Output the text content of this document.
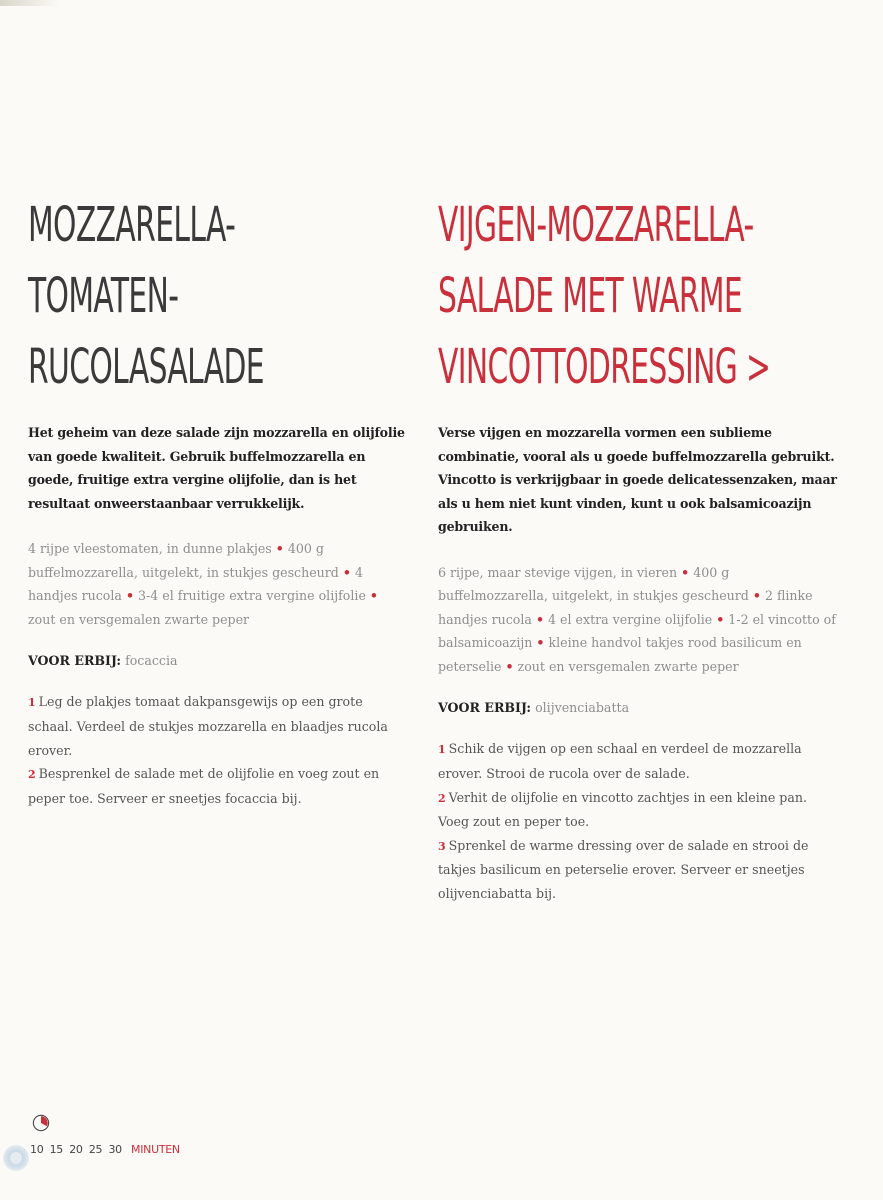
MOZZARELLA-
TOMATEN-
RUCOLASALADE

Het geheim van deze salade zijn mozzarella en olijfolie van goede kwaliteit. Gebruik buffelmozzarella en goede, fruitige extra vergine olijfolie, dan is het resultaat onweerstaanbaar verrukkelijk.

4 rijpe vleestomaten, in dunne plakjes • 400 g buffelmozzarella, uitgelekt, in stukjes gescheurd • 4 handjes rucola • 3-4 el fruitige extra vergine olijfolie • zout en versgemalen zwarte peper

VOOR ERBIJ: focaccia

1 Leg de plakjes tomaat dakpansgewijs op een grote schaal. Verdeel de stukjes mozzarella en blaadjes rucola erover.
2 Besprenkel de salade met de olijfolie en voeg zout en peper toe. Serveer er sneetjes focaccia bij.
VIJGEN-MOZZARELLA-
SALADE MET WARME
VINCOTTODRESSING >

Verse vijgen en mozzarella vormen een sublieme combinatie, vooral als u goede buffelmozzarella gebruikt. Vincotto is verkrijgbaar in goede delicatessenzaken, maar als u hem niet kunt vinden, kunt u ook balsamicoazijn gebruiken.

6 rijpe, maar stevige vijgen, in vieren • 400 g buffelmozzarella, uitgelekt, in stukjes gescheurd • 2 flinke handjes rucola • 4 el extra vergine olijfolie • 1-2 el vincotto of balsamicoazijn • kleine handvol takjes rood basilicum en peterselie • zout en versgemalen zwarte peper

VOOR ERBIJ: olijvenciabatta

1 Schik de vijgen op een schaal en verdeel de mozzarella erover. Strooi de rucola over de salade.
2 Verhit de olijfolie en vincotto zachtjes in een kleine pan. Voeg zout en peper toe.
3 Sprenkel de warme dressing over de salade en strooi de takjes basilicum en peterselie erover. Serveer er sneetjes olijvenciabatta bij.
10 15 20 25 30 MINUTEN
